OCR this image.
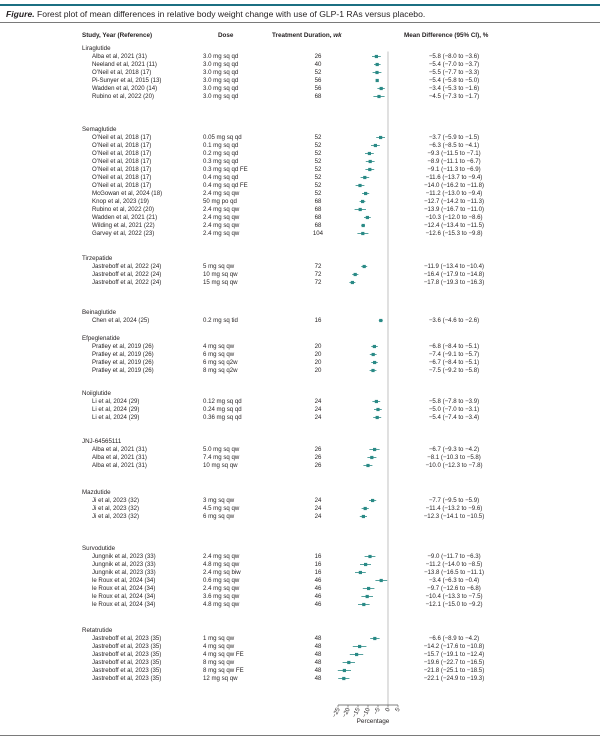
Figure. Forest plot of mean differences in relative body weight change with use of GLP-1 RAs versus placebo.
Study, Year (Reference)	Dose	Treatment Duration, wk	Mean Difference (95% CI), %
Liraglutide
Alba et al, 2021 (31)	3.0 mg sq qd	26	−5.8 (−8.0 to −3.6)
Neeland et al, 2021 (11)	3.0 mg sq qd	40	−5.4 (−7.0 to −3.7)
O’Neil et al, 2018 (17)	3.0 mg sq qd	52	−5.5 (−7.7 to −3.3)
Pi-Sunyer et al, 2015 (13)	3.0 mg sq qd	56	−5.4 (−5.8 to −5.0)
Wadden et al, 2020 (14)	3.0 mg sq qd	56	−3.4 (−5.3 to −1.6)
Rubino et al, 2022 (20)	3.0 mg sq qd	68	−4.5 (−7.3 to −1.7)
Semaglutide
O’Neil et al, 2018 (17)	0.05 mg sq qd	52	−3.7 (−5.9 to −1.5)
O’Neil et al, 2018 (17)	0.1 mg sq qd	52	−6.3 (−8.5 to −4.1)
O’Neil et al, 2018 (17)	0.2 mg sq qd	52	−9.3 (−11.5 to −7.1)
O’Neil et al, 2018 (17)	0.3 mg sq qd	52	−8.9 (−11.1 to −6.7)
O’Neil et al, 2018 (17)	0.3 mg sq qd FE	52	−9.1 (−11.3 to −6.9)
O’Neil et al, 2018 (17)	0.4 mg sq qd	52	−11.6 (−13.7 to −9.4)
O’Neil et al, 2018 (17)	0.4 mg sq qd FE	52	−14.0 (−16.2 to −11.8)
McGowan et al, 2024 (18)	2.4 mg sq qw	52	−11.2 (−13.0 to −9.4)
Knop et al, 2023 (19)	50 mg po qd	68	−12.7 (−14.2 to −11.3)
Rubino et al, 2022 (20)	2.4 mg sq qw	68	−13.9 (−16.7 to −11.0)
Wadden et al, 2021 (21)	2.4 mg sq qw	68	−10.3 (−12.0 to −8.6)
Wilding et al, 2021 (22)	2.4 mg sq qw	68	−12.4 (−13.4 to −11.5)
Garvey et al, 2022 (23)	2.4 mg sq qw	104	−12.6 (−15.3 to −9.8)
Tirzepatide
Jastreboff et al, 2022 (24)	5 mg sq qw	72	−11.9 (−13.4 to −10.4)
Jastreboff et al, 2022 (24)	10 mg sq qw	72	−16.4 (−17.9 to −14.8)
Jastreboff et al, 2022 (24)	15 mg sq qw	72	−17.8 (−19.3 to −16.3)
Beinaglutide
Chen et al, 2024 (25)	0.2 mg sq tid	16	−3.6 (−4.6 to −2.6)
Efpeglenatide
Pratley et al, 2019 (26)	4 mg sq qw	20	−6.8 (−8.4 to −5.1)
Pratley et al, 2019 (26)	6 mg sq qw	20	−7.4 (−9.1 to −5.7)
Pratley et al, 2019 (26)	6 mg sq q2w	20	−6.7 (−8.4 to −5.1)
Pratley et al, 2019 (26)	8 mg sq q2w	20	−7.5 (−9.2 to −5.8)
Noiiglutide
Li et al, 2024 (29)	0.12 mg sq qd	24	−5.8 (−7.8 to −3.9)
Li et al, 2024 (29)	0.24 mg sq qd	24	−5.0 (−7.0 to −3.1)
Li et al, 2024 (29)	0.36 mg sq qd	24	−5.4 (−7.4 to −3.4)
JNJ-64565111
Alba et al, 2021 (31)	5.0 mg sq qw	26	−6.7 (−9.3 to −4.2)
Alba et al, 2021 (31)	7.4 mg sq qw	26	−8.1 (−10.3 to −5.8)
Alba et al, 2021 (31)	10 mg sq qw	26	−10.0 (−12.3 to −7.8)
Mazdutide
Ji et al, 2023 (32)	3 mg sq qw	24	−7.7 (−9.5 to −5.9)
Ji et al, 2023 (32)	4.5 mg sq qw	24	−11.4 (−13.2 to −9.6)
Ji et al, 2023 (32)	6 mg sq qw	24	−12.3 (−14.1 to −10.5)
Survodutide
Jungnik et al, 2023 (33)	2.4 mg sq qw	16	−9.0 (−11.7 to −6.3)
Jungnik et al, 2023 (33)	4.8 mg sq qw	16	−11.2 (−14.0 to −8.5)
Jungnik et al, 2023 (33)	2.4 mg sq biw	16	−13.8 (−16.5 to −11.1)
le Roux et al, 2024 (34)	0.6 mg sq qw	46	−3.4 (−6.3 to −0.4)
le Roux et al, 2024 (34)	2.4 mg sq qw	46	−9.7 (−12.6 to −6.8)
le Roux et al, 2024 (34)	3.6 mg sq qw	46	−10.4 (−13.3 to −7.5)
le Roux et al, 2024 (34)	4.8 mg sq qw	46	−12.1 (−15.0 to −9.2)
Retatrutide
Jastreboff et al, 2023 (35)	1 mg sq qw	48	−6.6 (−8.9 to −4.2)
Jastreboff et al, 2023 (35)	4 mg sq qw	48	−14.2 (−17.6 to −10.8)
Jastreboff et al, 2023 (35)	4 mg sq qw FE	48	−15.7 (−19.1 to −12.4)
Jastreboff et al, 2023 (35)	8 mg sq qw	48	−19.6 (−22.7 to −16.5)
Jastreboff et al, 2023 (35)	8 mg sq qw FE	48	−21.8 (−25.1 to −18.5)
Jastreboff et al, 2023 (35)	12 mg sq qw	48	−22.1 (−24.9 to −19.3)
−25 −20 −15 −10 −5 0 5
Percentage
